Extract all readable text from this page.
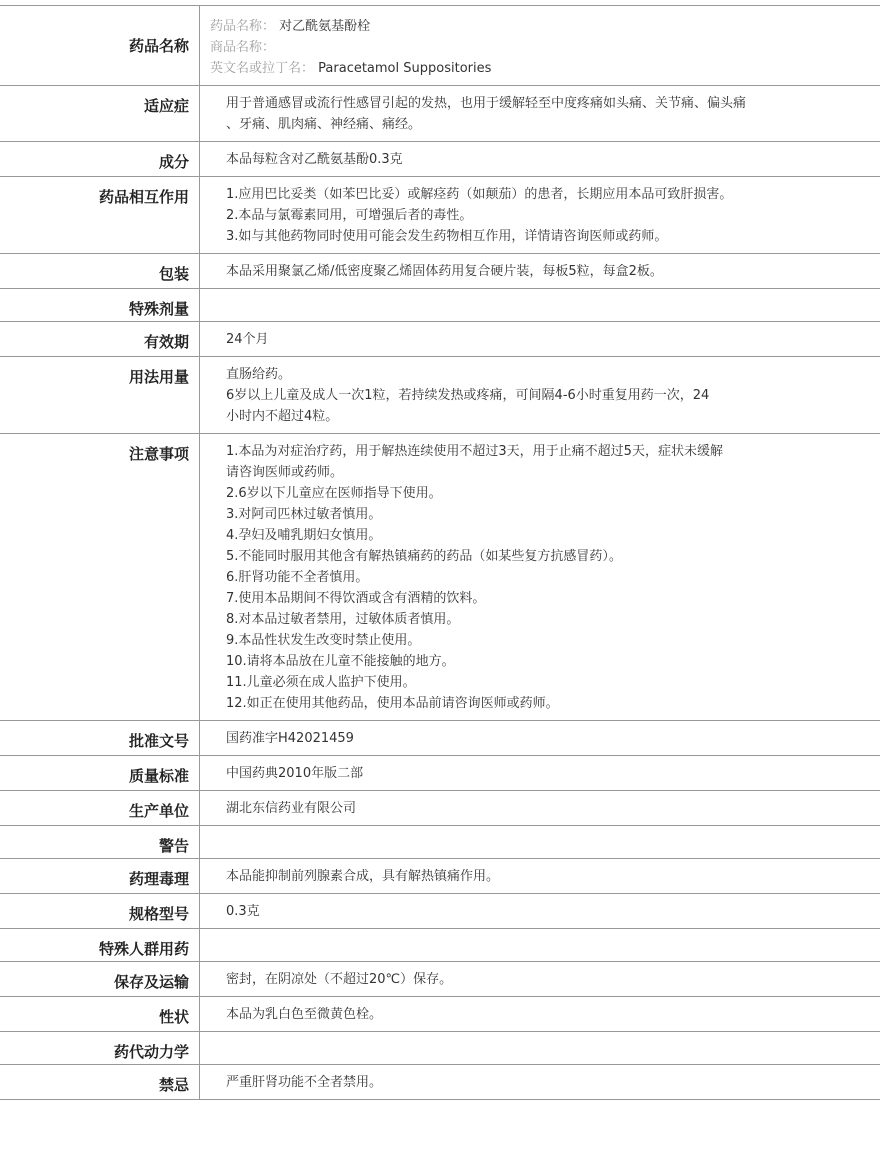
药品名称
药品名称： 对乙酰氨基酚栓
商品名称：
英文名或拉丁名： Paracetamol Suppositories
适应症	用于普通感冒或流行性感冒引起的发热，也用于缓解轻至中度疼痛如头痛、关节痛、偏头痛
、牙痛、肌肉痛、神经痛、痛经。
成分	本品每粒含对乙酰氨基酚0.3克
药品相互作用	1.应用巴比妥类（如苯巴比妥）或解痉药（如颠茄）的患者，长期应用本品可致肝损害。
2.本品与氯霉素同用，可增强后者的毒性。
3.如与其他药物同时使用可能会发生药物相互作用，详情请咨询医师或药师。
包装	本品采用聚氯乙烯/低密度聚乙烯固体药用复合硬片装，每板5粒，每盒2板。
特殊剂量
有效期	24个月
用法用量	直肠给药。
6岁以上儿童及成人一次1粒，若持续发热或疼痛，可间隔4-6小时重复用药一次，24
小时内不超过4粒。
注意事项	1.本品为对症治疗药，用于解热连续使用不超过3天，用于止痛不超过5天，症状未缓解
请咨询医师或药师。
2.6岁以下儿童应在医师指导下使用。
3.对阿司匹林过敏者慎用。
4.孕妇及哺乳期妇女慎用。
5.不能同时服用其他含有解热镇痛药的药品（如某些复方抗感冒药）。
6.肝肾功能不全者慎用。
7.使用本品期间不得饮酒或含有酒精的饮料。
8.对本品过敏者禁用，过敏体质者慎用。
9.本品性状发生改变时禁止使用。
10.请将本品放在儿童不能接触的地方。
11.儿童必须在成人监护下使用。
12.如正在使用其他药品，使用本品前请咨询医师或药师。
批准文号	国药准字H42021459
质量标准	中国药典2010年版二部
生产单位	湖北东信药业有限公司
警告
药理毒理	本品能抑制前列腺素合成，具有解热镇痛作用。
规格型号	0.3克
特殊人群用药
保存及运输	密封，在阴凉处（不超过20℃）保存。
性状	本品为乳白色至微黄色栓。
药代动力学
禁忌	严重肝肾功能不全者禁用。
